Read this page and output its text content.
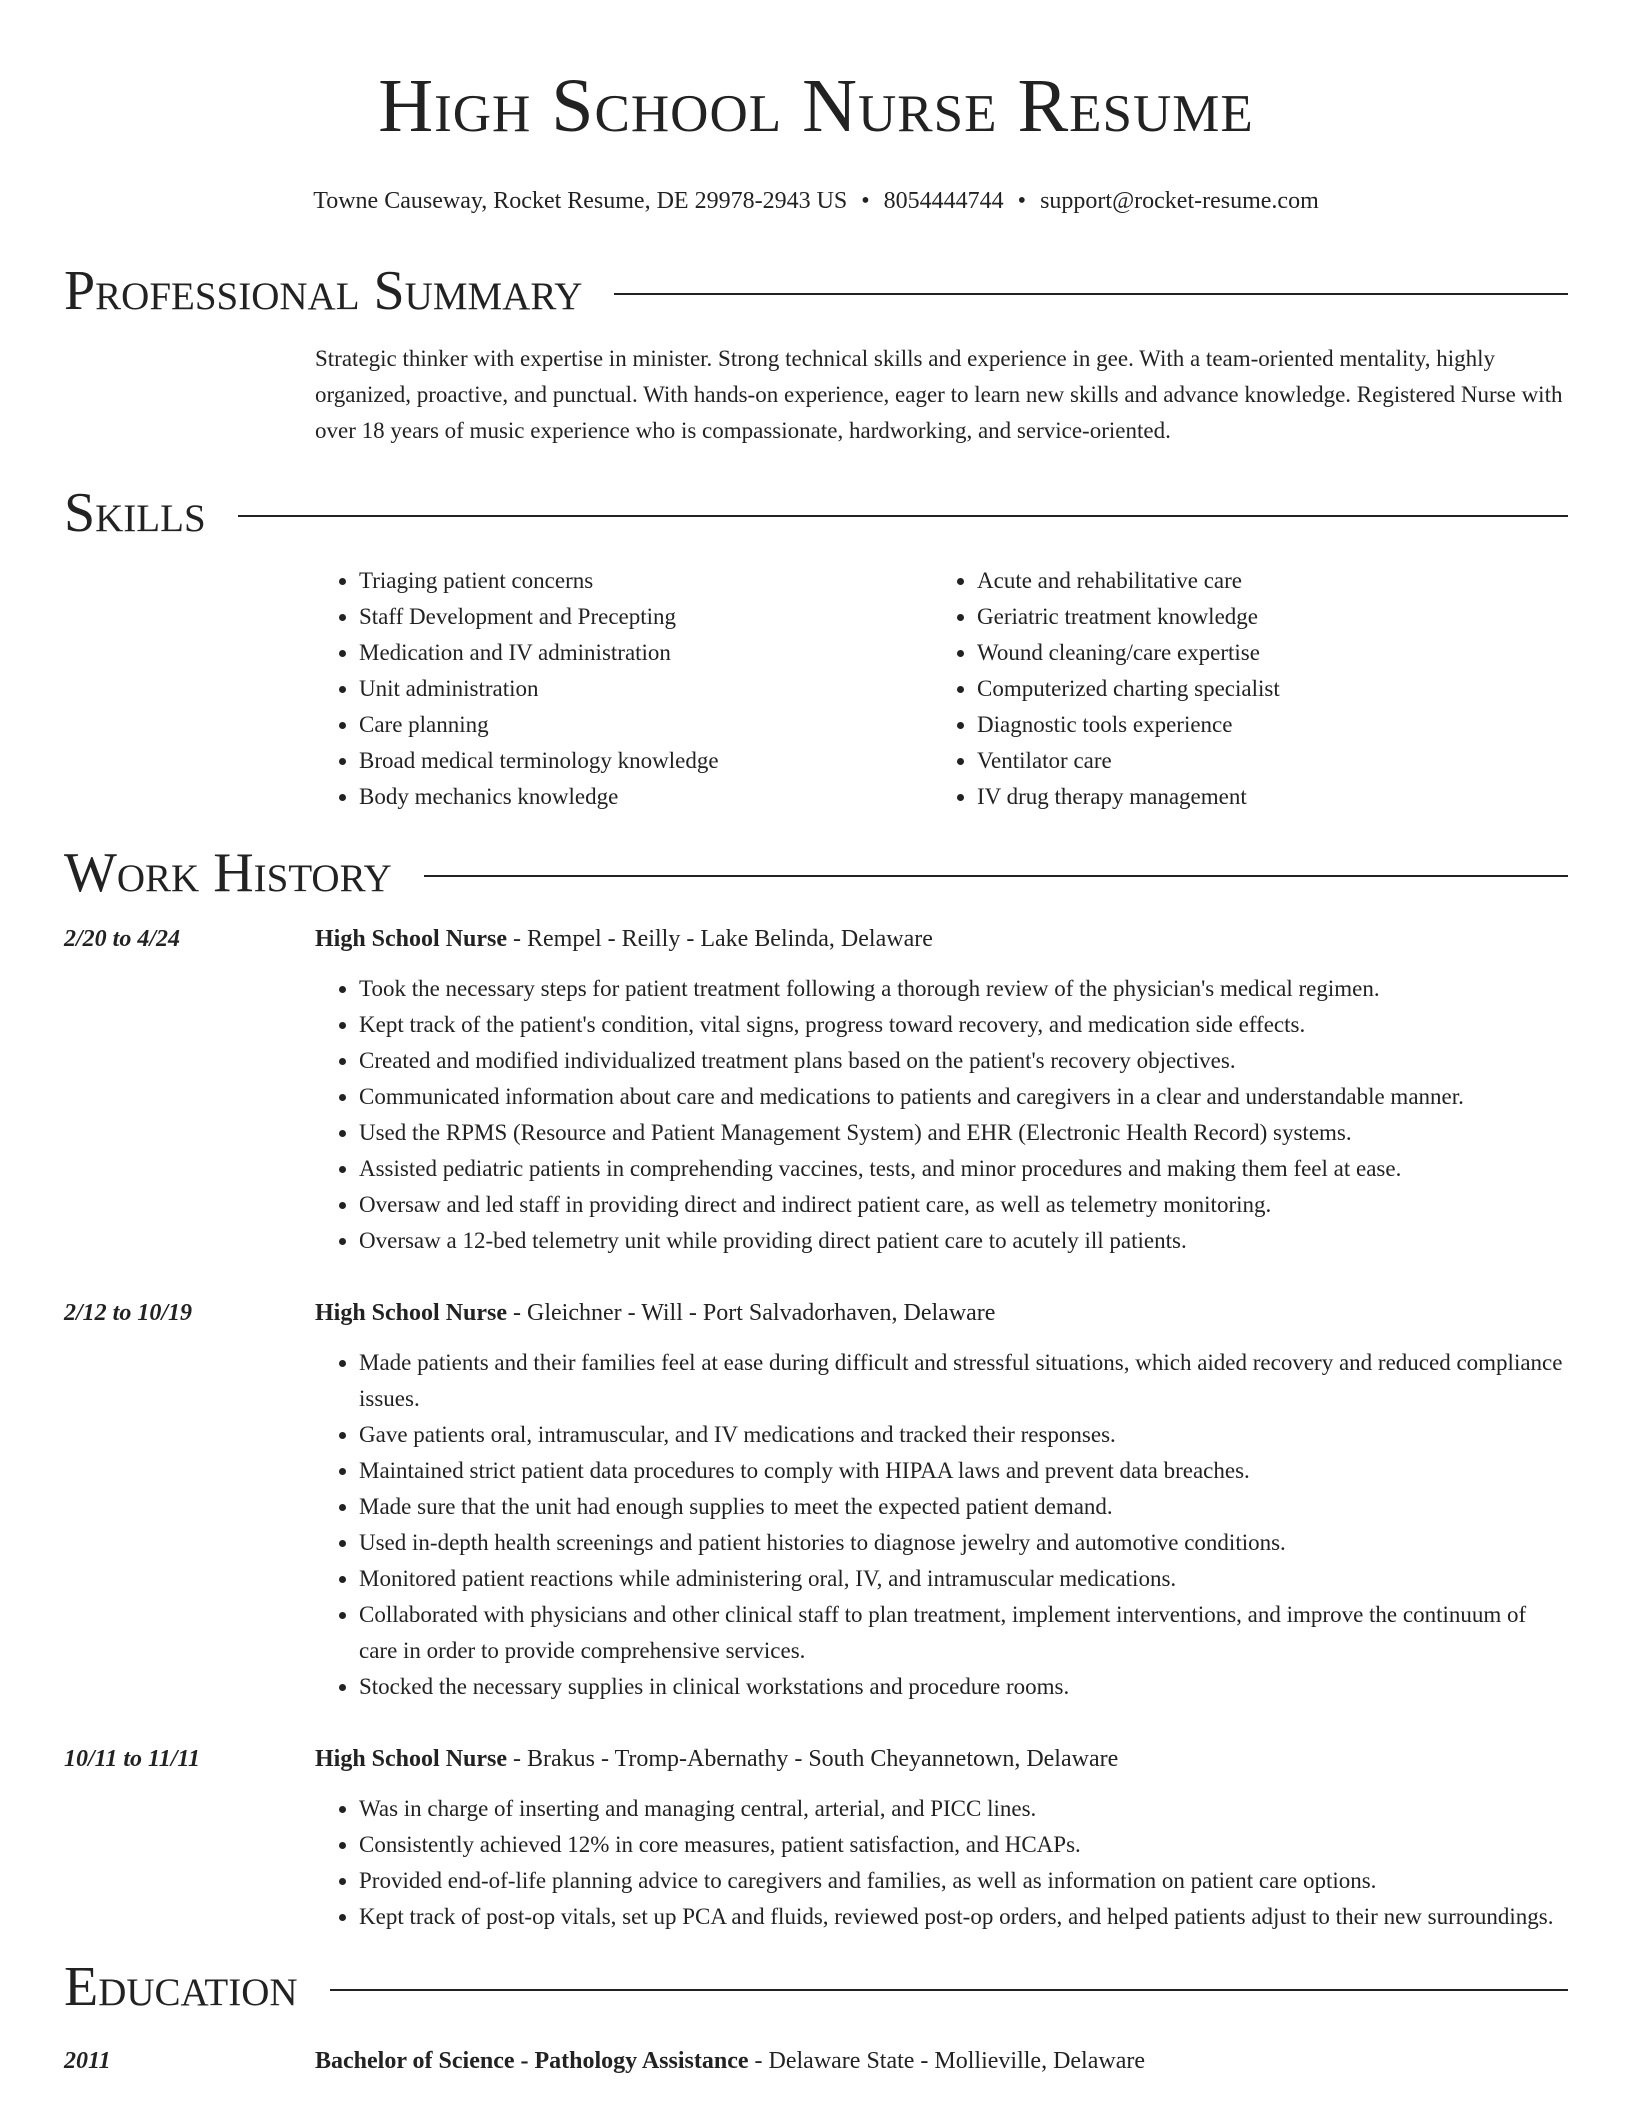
High School Nurse Resume
Towne Causeway, Rocket Resume, DE 29978-2943 US • 8054444744 • support@rocket-resume.com
Professional Summary
Strategic thinker with expertise in minister. Strong technical skills and experience in gee. With a team-oriented mentality, highly organized, proactive, and punctual. With hands-on experience, eager to learn new skills and advance knowledge. Registered Nurse with over 18 years of music experience who is compassionate, hardworking, and service-oriented.
Skills
• Triaging patient concerns
• Staff Development and Precepting
• Medication and IV administration
• Unit administration
• Care planning
• Broad medical terminology knowledge
• Body mechanics knowledge
• Acute and rehabilitative care
• Geriatric treatment knowledge
• Wound cleaning/care expertise
• Computerized charting specialist
• Diagnostic tools experience
• Ventilator care
• IV drug therapy management
Work History
2/20 to 4/24	High School Nurse - Rempel - Reilly - Lake Belinda, Delaware
• Took the necessary steps for patient treatment following a thorough review of the physician's medical regimen.
• Kept track of the patient's condition, vital signs, progress toward recovery, and medication side effects.
• Created and modified individualized treatment plans based on the patient's recovery objectives.
• Communicated information about care and medications to patients and caregivers in a clear and understandable manner.
• Used the RPMS (Resource and Patient Management System) and EHR (Electronic Health Record) systems.
• Assisted pediatric patients in comprehending vaccines, tests, and minor procedures and making them feel at ease.
• Oversaw and led staff in providing direct and indirect patient care, as well as telemetry monitoring.
• Oversaw a 12-bed telemetry unit while providing direct patient care to acutely ill patients.
2/12 to 10/19	High School Nurse - Gleichner - Will - Port Salvadorhaven, Delaware
• Made patients and their families feel at ease during difficult and stressful situations, which aided recovery and reduced compliance issues.
• Gave patients oral, intramuscular, and IV medications and tracked their responses.
• Maintained strict patient data procedures to comply with HIPAA laws and prevent data breaches.
• Made sure that the unit had enough supplies to meet the expected patient demand.
• Used in-depth health screenings and patient histories to diagnose jewelry and automotive conditions.
• Monitored patient reactions while administering oral, IV, and intramuscular medications.
• Collaborated with physicians and other clinical staff to plan treatment, implement interventions, and improve the continuum of care in order to provide comprehensive services.
• Stocked the necessary supplies in clinical workstations and procedure rooms.
10/11 to 11/11	High School Nurse - Brakus - Tromp-Abernathy - South Cheyannetown, Delaware
• Was in charge of inserting and managing central, arterial, and PICC lines.
• Consistently achieved 12% in core measures, patient satisfaction, and HCAPs.
• Provided end-of-life planning advice to caregivers and families, as well as information on patient care options.
• Kept track of post-op vitals, set up PCA and fluids, reviewed post-op orders, and helped patients adjust to their new surroundings.
Education
2011	Bachelor of Science - Pathology Assistance - Delaware State - Mollieville, Delaware
